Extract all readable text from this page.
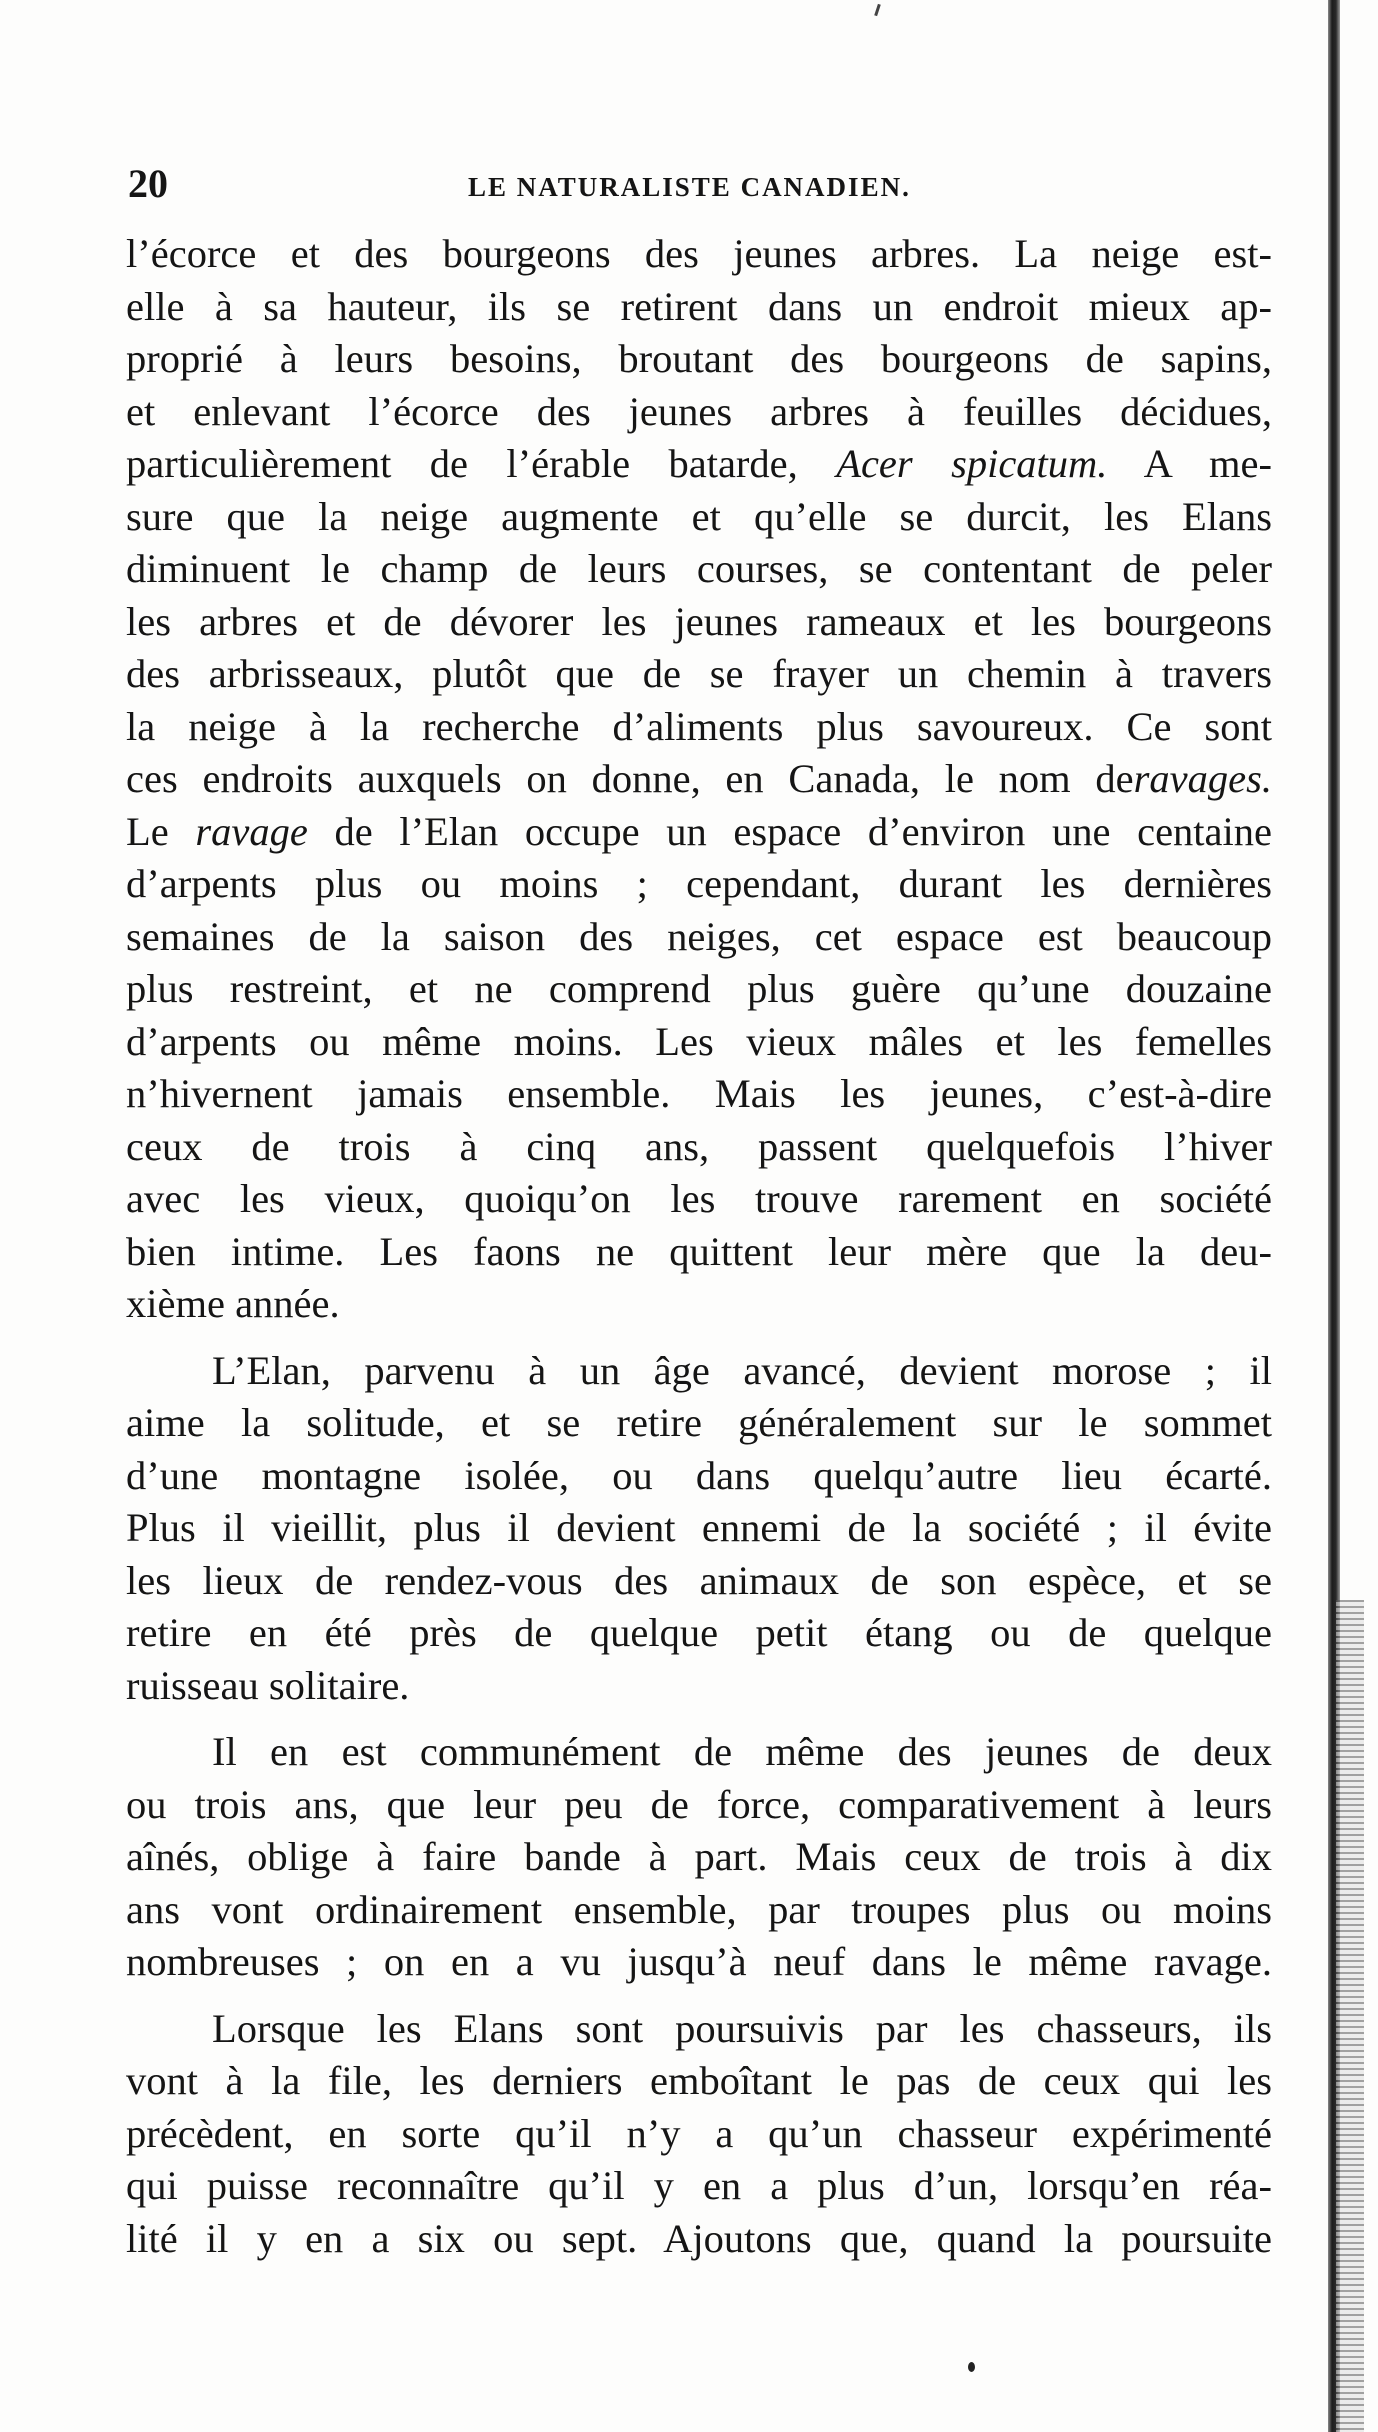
20	LE NATURALISTE CANADIEN.

l’écorce et des bourgeons des jeunes arbres. La neige est-
elle à sa hauteur, ils se retirent dans un endroit mieux ap-
proprié à leurs besoins, broutant des bourgeons de sapins,
et enlevant l’écorce des jeunes arbres à feuilles décidues,
particulièrement de l’érable batarde, Acer spicatum. A me-
sure que la neige augmente et qu’elle se durcit, les Elans
diminuent le champ de leurs courses, se contentant de peler
les arbres et de dévorer les jeunes rameaux et les bourgeons
des arbrisseaux, plutôt que de se frayer un chemin à travers
la neige à la recherche d’aliments plus savoureux. Ce sont
ces endroits auxquels on donne, en Canada, le nom deravages.
Le ravage de l’Elan occupe un espace d’environ une centaine
d’arpents plus ou moins ; cependant, durant les dernières
semaines de la saison des neiges, cet espace est beaucoup
plus restreint, et ne comprend plus guère qu’une douzaine
d’arpents ou même moins. Les vieux mâles et les femelles
n’hivernent jamais ensemble. Mais les jeunes, c’est-à-dire
ceux de trois à cinq ans, passent quelquefois l’hiver
avec les vieux, quoiqu’on les trouve rarement en société
bien intime. Les faons ne quittent leur mère que la deu-
xième année.

L’Elan, parvenu à un âge avancé, devient morose ; il
aime la solitude, et se retire généralement sur le sommet
d’une montagne isolée, ou dans quelqu’autre lieu écarté.
Plus il vieillit, plus il devient ennemi de la société ; il évite
les lieux de rendez-vous des animaux de son espèce, et se
retire en été près de quelque petit étang ou de quelque
ruisseau solitaire.

Il en est communément de même des jeunes de deux
ou trois ans, que leur peu de force, comparativement à leurs
aînés, oblige à faire bande à part. Mais ceux de trois à dix
ans vont ordinairement ensemble, par troupes plus ou moins
nombreuses ; on en a vu jusqu’à neuf dans le même ravage.

Lorsque les Elans sont poursuivis par les chasseurs, ils
vont à la file, les derniers emboîtant le pas de ceux qui les
précèdent, en sorte qu’il n’y a qu’un chasseur expérimenté
qui puisse reconnaître qu’il y en a plus d’un, lorsqu’en réa-
lité il y en a six ou sept. Ajoutons que, quand la poursuite
